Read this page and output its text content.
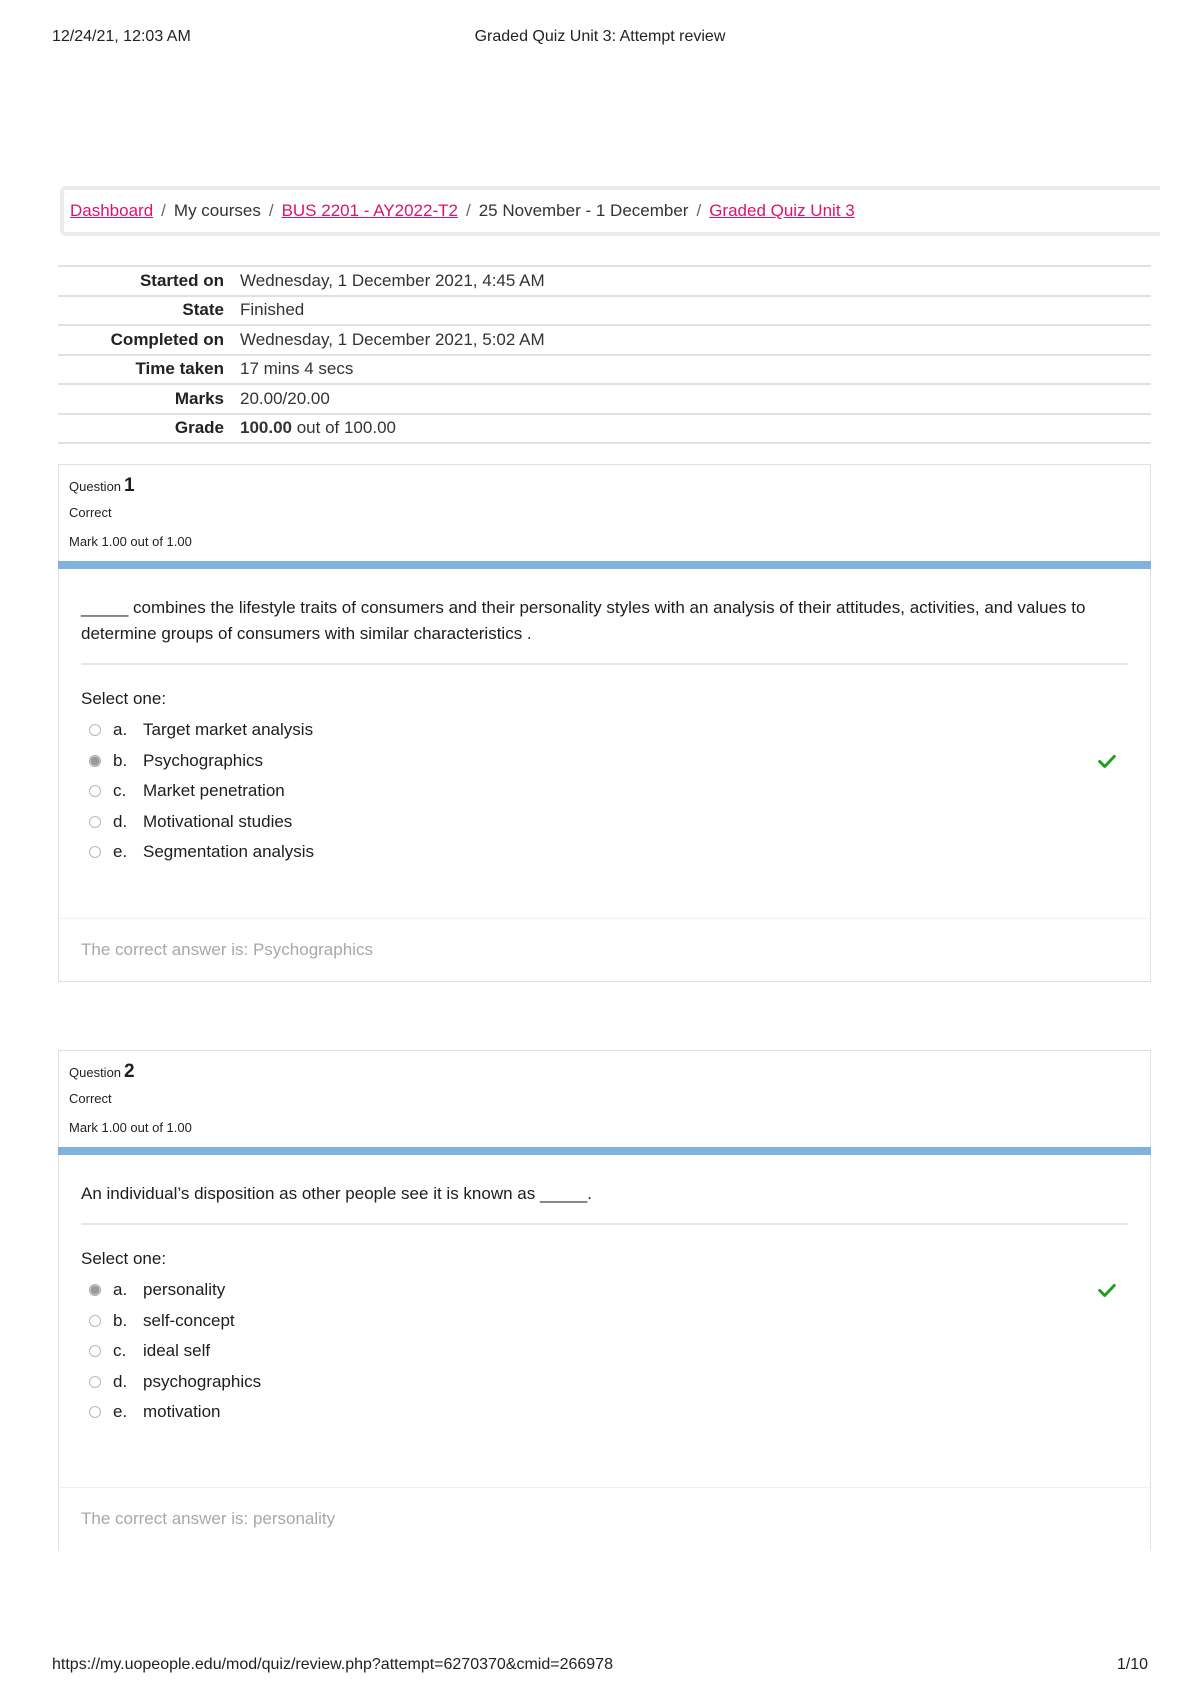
12/24/21, 12:03 AM	Graded Quiz Unit 3: Attempt review
Dashboard / My courses / BUS 2201 - AY2022-T2 / 25 November - 1 December / Graded Quiz Unit 3
Started on	Wednesday, 1 December 2021, 4:45 AM
State	Finished
Completed on	Wednesday, 1 December 2021, 5:02 AM
Time taken	17 mins 4 secs
Marks	20.00/20.00
Grade	100.00 out of 100.00
Question 1
Correct
Mark 1.00 out of 1.00
_____ combines the lifestyle traits of consumers and their personality styles with an analysis of their attitudes, activities, and values to determine groups of consumers with similar characteristics .
Select one:
a. Target market analysis
b. Psychographics
c. Market penetration
d. Motivational studies
e. Segmentation analysis
The correct answer is: Psychographics
Question 2
Correct
Mark 1.00 out of 1.00
An individual’s disposition as other people see it is known as _____.
Select one:
a. personality
b. self-concept
c. ideal self
d. psychographics
e. motivation
The correct answer is: personality
https://my.uopeople.edu/mod/quiz/review.php?attempt=6270370&cmid=266978	1/10
